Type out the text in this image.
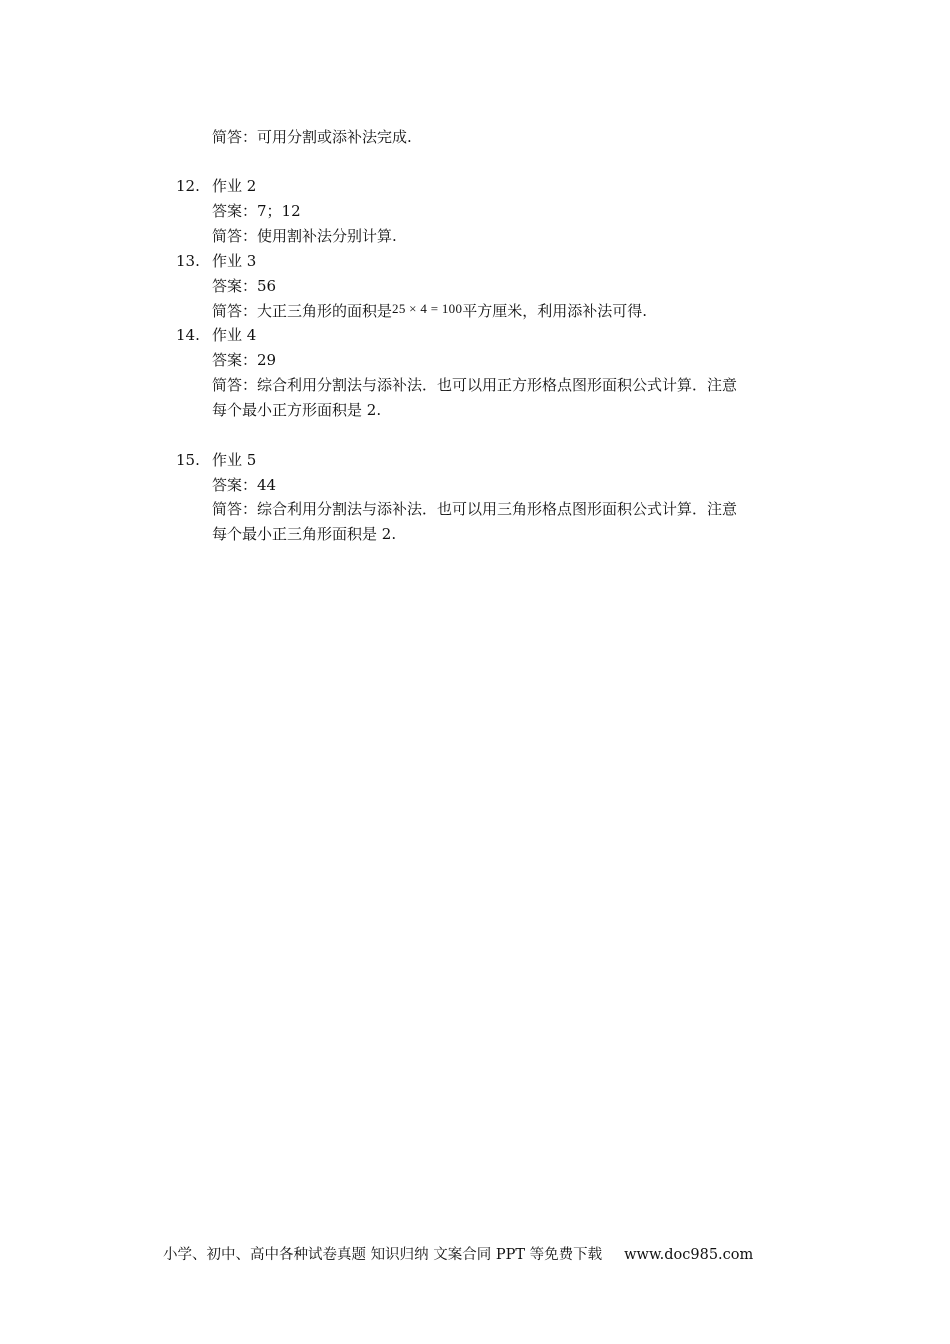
简答：可用分割或添补法完成.
12. 作业 2
答案：7；12
简答：使用割补法分别计算.
13. 作业 3
答案：56
简答：大正三角形的面积是25 × 4 = 100平方厘米，利用添补法可得.
14. 作业 4
答案：29
简答：综合利用分割法与添补法．也可以用正方形格点图形面积公式计算．注意
每个最小正方形面积是 2.
15. 作业 5
答案：44
简答：综合利用分割法与添补法．也可以用三角形格点图形面积公式计算．注意
每个最小正三角形面积是 2.
小学、初中、高中各种试卷真题 知识归纳 文案合同 PPT 等免费下载 www.doc985.com
